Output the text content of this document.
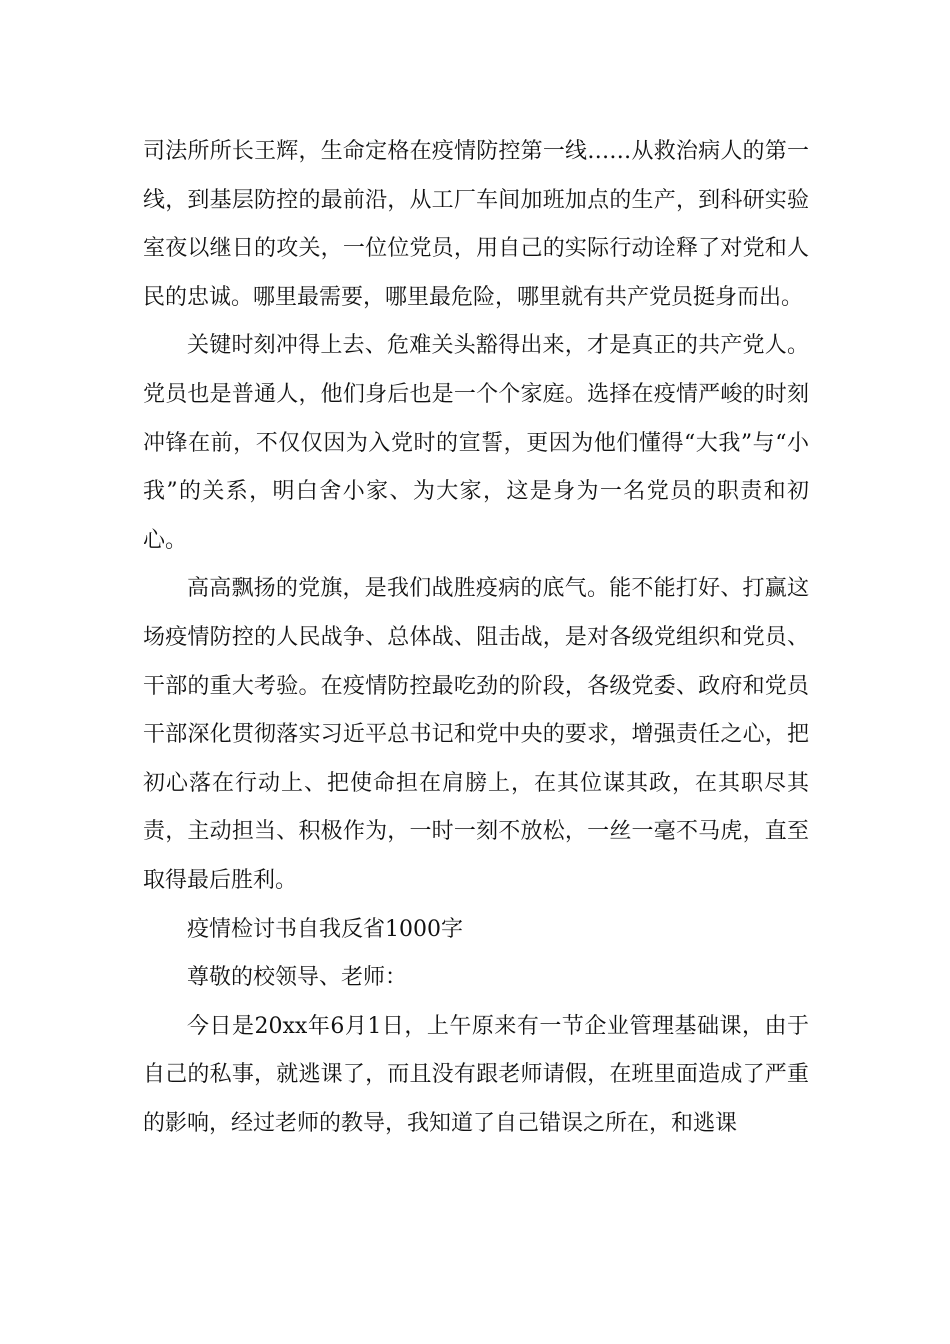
司法所所长王辉，生命定格在疫情防控第一线……从救治病人的第一线，到基层防控的最前沿，从工厂车间加班加点的生产，到科研实验室夜以继日的攻关，一位位党员，用自己的实际行动诠释了对党和人民的忠诚。哪里最需要，哪里最危险，哪里就有共产党员挺身而出。

关键时刻冲得上去、危难关头豁得出来，才是真正的共产党人。党员也是普通人，他们身后也是一个个家庭。选择在疫情严峻的时刻冲锋在前，不仅仅因为入党时的宣誓，更因为他们懂得“大我”与“小我”的关系，明白舍小家、为大家，这是身为一名党员的职责和初心。

高高飘扬的党旗，是我们战胜疫病的底气。能不能打好、打赢这场疫情防控的人民战争、总体战、阻击战，是对各级党组织和党员、干部的重大考验。在疫情防控最吃劲的阶段，各级党委、政府和党员干部深化贯彻落实习近平总书记和党中央的要求，增强责任之心，把初心落在行动上、把使命担在肩膀上，在其位谋其政，在其职尽其责，主动担当、积极作为，一时一刻不放松，一丝一毫不马虎，直至取得最后胜利。

疫情检讨书自我反省1000字

尊敬的校领导、老师：

今日是20xx年6月1日，上午原来有一节企业管理基础课，由于自己的私事，就逃课了，而且没有跟老师请假，在班里面造成了严重的影响，经过老师的教导，我知道了自己错误之所在，和逃课
